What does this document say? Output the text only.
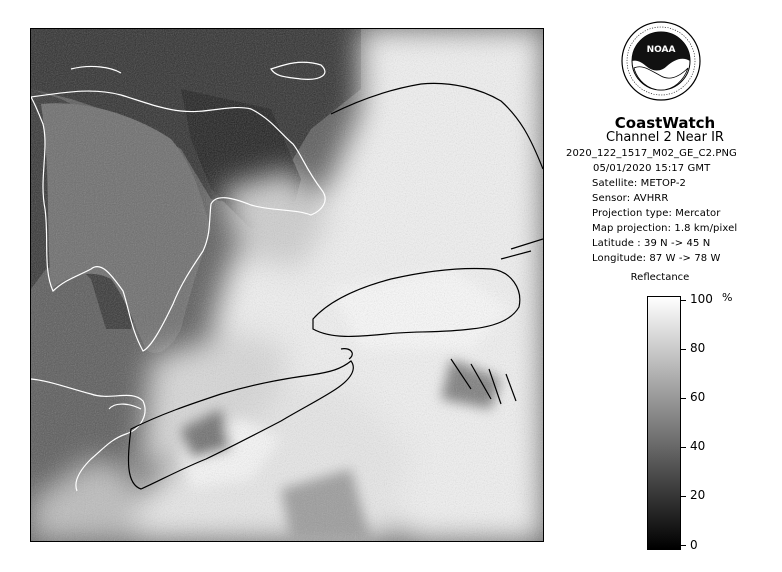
NOAA
CoastWatch
Channel 2 Near IR
2020_122_1517_M02_GE_C2.PNG
05/01/2020 15:17 GMT
Satellite: METOP-2
Sensor: AVHRR
Projection type: Mercator
Map projection: 1.8 km/pixel
Latitude : 39 N -> 45 N
Longitude: 87 W -> 78 W
Reflectance
%
100
80
60
40
20
0
